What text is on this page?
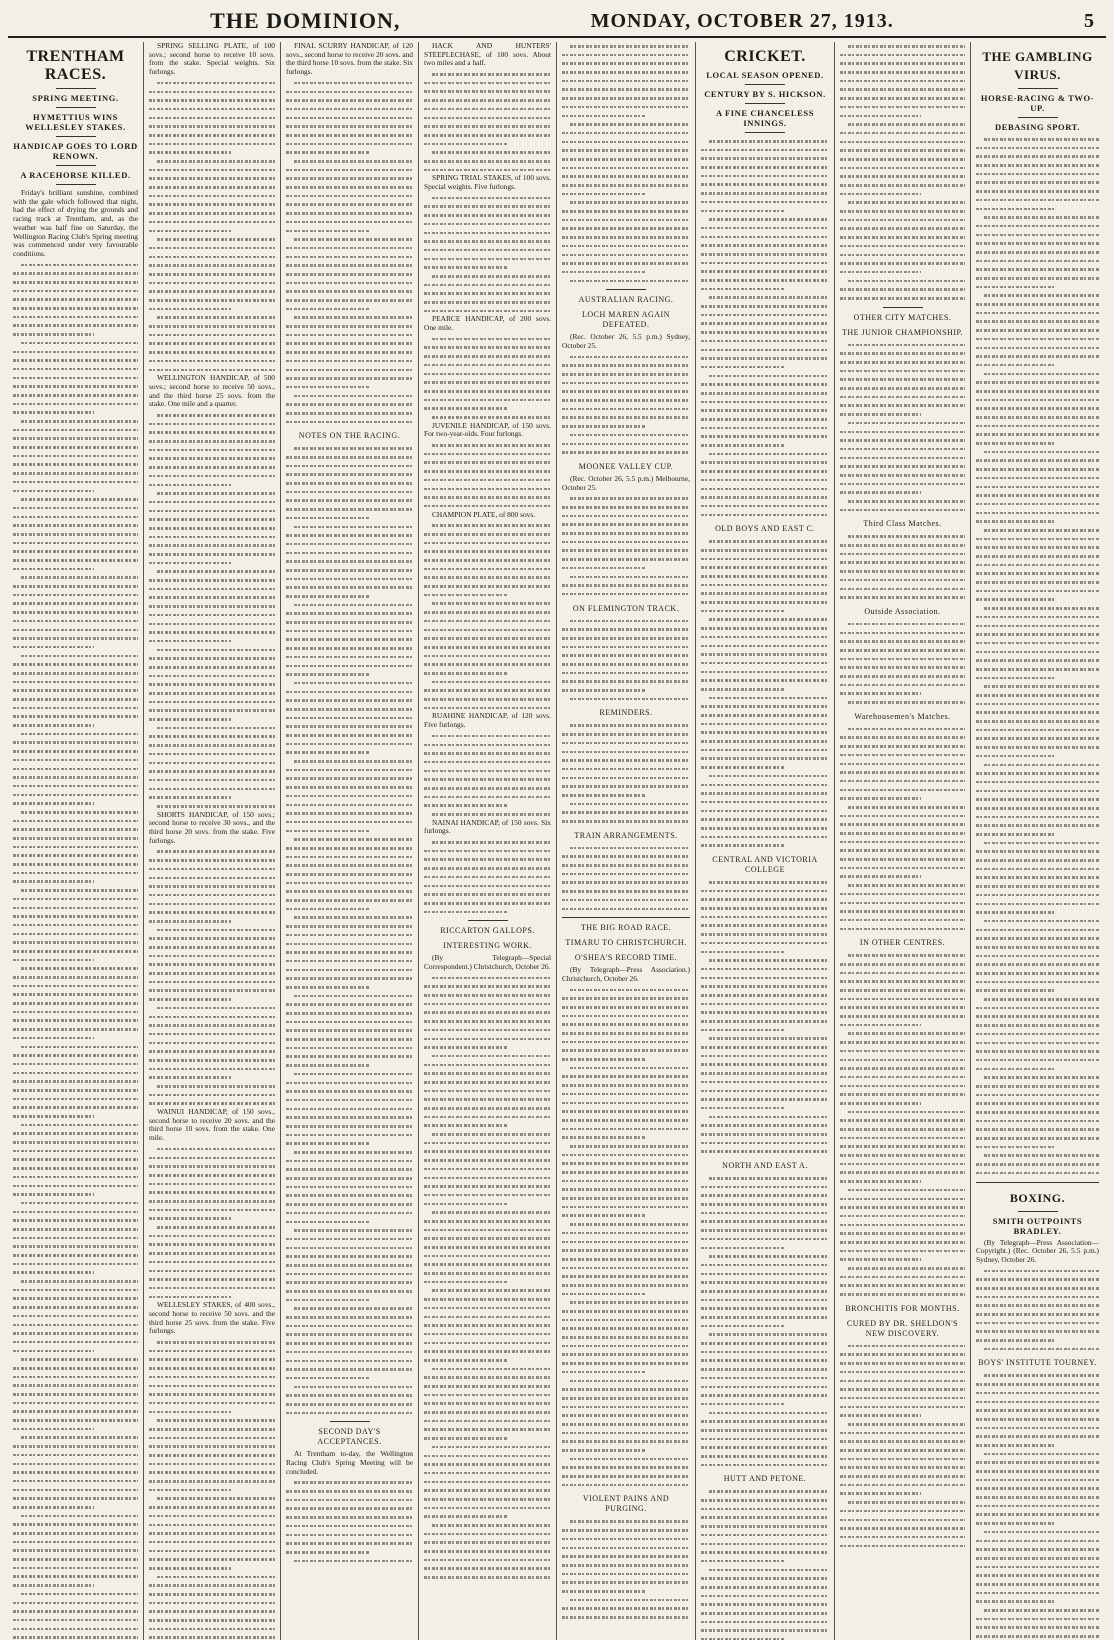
THE DOMINION,	MONDAY, OCTOBER 27, 1913.	5
TRENTHAM RACES.
SPRING MEETING.
HYMETTIUS WINS WELLESLEY STAKES.
HANDICAP GOES TO LORD RENOWN.
A RACEHORSE KILLED.

Friday's brilliant sunshine, combined with the gale which followed that night, had the effect of drying the grounds and racing track at Trentham, and, as the weather was half fine on Saturday, the Wellington Racing Club's Spring meeting was commenced under very favourable conditions.

SPRING SELLING PLATE, of 100 sovs.; second horse to receive 10 sovs. from the stake. Special weights. Six furlongs.

WELLINGTON HANDICAP, of 500 sovs.; second horse to receive 50 sovs., and the third horse 25 sovs. from the stake. One mile and a quarter.

SHORTS HANDICAP, of 150 sovs.; second horse to receive 30 sovs., and the third horse 20 sovs. from the stake. Five furlongs.

WAINUI HANDICAP, of 150 sovs., second horse to receive 20 sovs. and the third horse 10 sovs. from the stake. One mile.

WELLESLEY STAKES, of 400 sovs., second horse to receive 50 sovs. and the third horse 25 sovs. from the stake. Five furlongs.

FINAL SCURRY HANDICAP, of 120 sovs., second horse to receive 20 sovs. and the third horse 10 sovs. from the stake. Six furlongs.

NOTES ON THE RACING.
SECOND DAY'S ACCEPTANCES.

At Trentham to-day, the Wellington Racing Club's Spring Meeting will be concluded.

HACK AND HUNTERS' STEEPLECHASE, of 100 sovs. About two miles and a half.

SPRING TRIAL STAKES, of 100 sovs. Special weights. Five furlongs.

PEARCE HANDICAP, of 200 sovs. One mile.

JUVENILE HANDICAP, of 150 sovs. For two-year-olds. Four furlongs.

CHAMPION PLATE, of 800 sovs.

RUAHINE HANDICAP, of 120 sovs. Five furlongs.

NAINAI HANDICAP, of 150 sovs. Six furlongs.

RICCARTON GALLOPS.
INTERESTING WORK.

(By Telegraph—Special Correspondent.) Christchurch, October 26.

AUSTRALIAN RACING.
LOCH MAREN AGAIN DEFEATED.

(Rec. October 26, 5.5 p.m.) Sydney, October 25.

MOONEE VALLEY CUP.

(Rec. October 26, 5.5 p.m.) Melbourne, October 25.

ON FLEMINGTON TRACK.
REMINDERS.
TRAIN ARRANGEMENTS.
THE BIG ROAD RACE.
TIMARU TO CHRISTCHURCH.
O'SHEA'S RECORD TIME.

(By Telegraph—Press Association.) Christchurch, October 26.

VIOLENT PAINS AND PURGING.
CRICKET.
LOCAL SEASON OPENED.
CENTURY BY S. HICKSON.
A FINE CHANCELESS INNINGS.
OLD BOYS AND EAST C.
CENTRAL AND VICTORIA COLLEGE
NORTH AND EAST A.
HUTT AND PETONE.
OTHER CITY MATCHES.
THE JUNIOR CHAMPIONSHIP.
Third Class Matches.
Outside Association.
Warehousemen's Matches.
IN OTHER CENTRES.
BRONCHITIS FOR MONTHS.
CURED BY DR. SHELDON'S NEW DISCOVERY.
THE GAMBLING VIRUS.
HORSE-RACING & TWO-UP.
DEBASING SPORT.
BOXING.
SMITH OUTPOINTS BRADLEY.

(By Telegraph—Press Association—Copyright.) (Rec. October 26, 5.5 p.m.) Sydney, October 26.

BOYS' INSTITUTE TOURNEY.
